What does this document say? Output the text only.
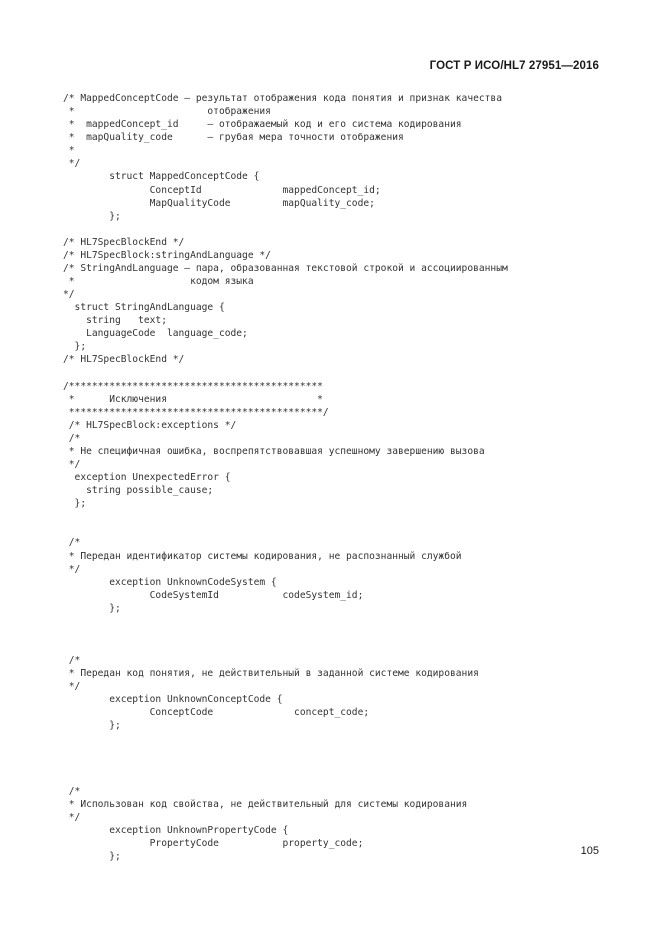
ГОСТ Р ИСО/HL7 27951—2016
/* MappedConceptCode — результат отображения кода понятия и признак качества
*                       отображения
*  mappedConcept_id     — отображаемый код и его система кодирования
*  mapQuality_code      — грубая мера точности отображения
*
*/
struct MappedConceptCode {
ConceptId              mappedConcept_id;
MapQualityCode         mapQuality_code;
};
/* HL7SpecBlockEnd */
/* HL7SpecBlock:stringAndLanguage */
/* StringAndLanguage — пара, образованная текстовой строкой и ассоциированным
*                    кодом языка
*/
struct StringAndLanguage {
string   text;
LanguageCode  language_code;
};
/* HL7SpecBlockEnd */
/********************************************
*      Исключения                          *
********************************************/
/* HL7SpecBlock:exceptions */
/*
* Не специфичная ошибка, воспрепятствовавшая успешному завершению вызова
*/
exception UnexpectedError {
string possible_cause;
};
/*
* Передан идентификатор системы кодирования, не распознанный службой
*/
exception UnknownCodeSystem {
CodeSystemId           codeSystem_id;
};
/*
* Передан код понятия, не действительный в заданной системе кодирования
*/
exception UnknownConceptCode {
ConceptCode              concept_code;
};
/*
* Использован код свойства, не действительный для системы кодирования
*/
exception UnknownPropertyCode {
PropertyCode           property_code;
};	105
